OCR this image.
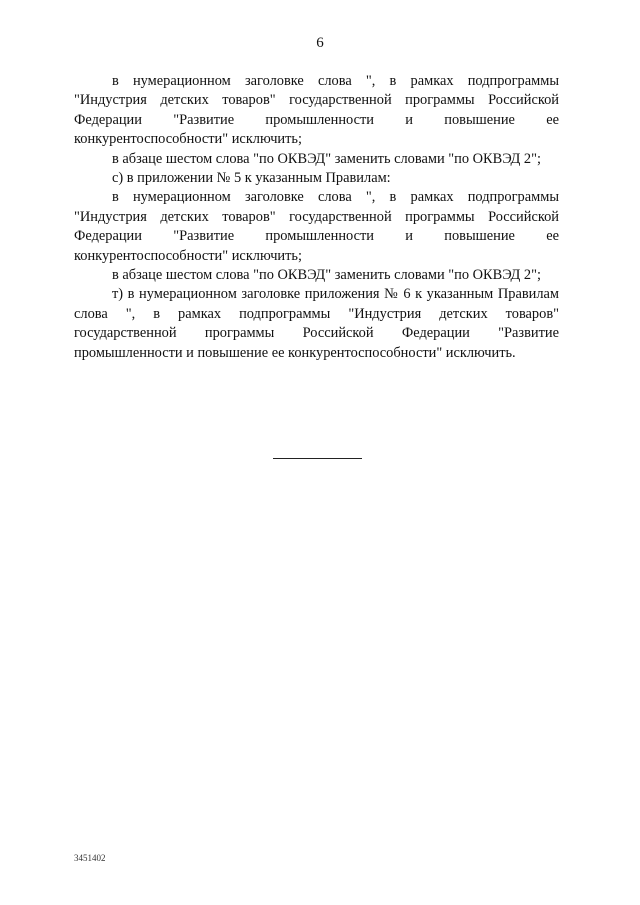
6

в нумерационном заголовке слова ", в рамках подпрограммы "Индустрия детских товаров" государственной программы Российской Федерации "Развитие промышленности и повышение ее конкурентоспособности" исключить;

в абзаце шестом слова "по ОКВЭД" заменить словами "по ОКВЭД 2";

с) в приложении № 5 к указанным Правилам:

в нумерационном заголовке слова ", в рамках подпрограммы "Индустрия детских товаров" государственной программы Российской Федерации "Развитие промышленности и повышение ее конкурентоспособности" исключить;

в абзаце шестом слова "по ОКВЭД" заменить словами "по ОКВЭД 2";

т) в нумерационном заголовке приложения № 6 к указанным Правилам слова ", в рамках подпрограммы "Индустрия детских товаров" государственной программы Российской Федерации "Развитие промышленности и повышение ее конкурентоспособности" исключить.

3451402
